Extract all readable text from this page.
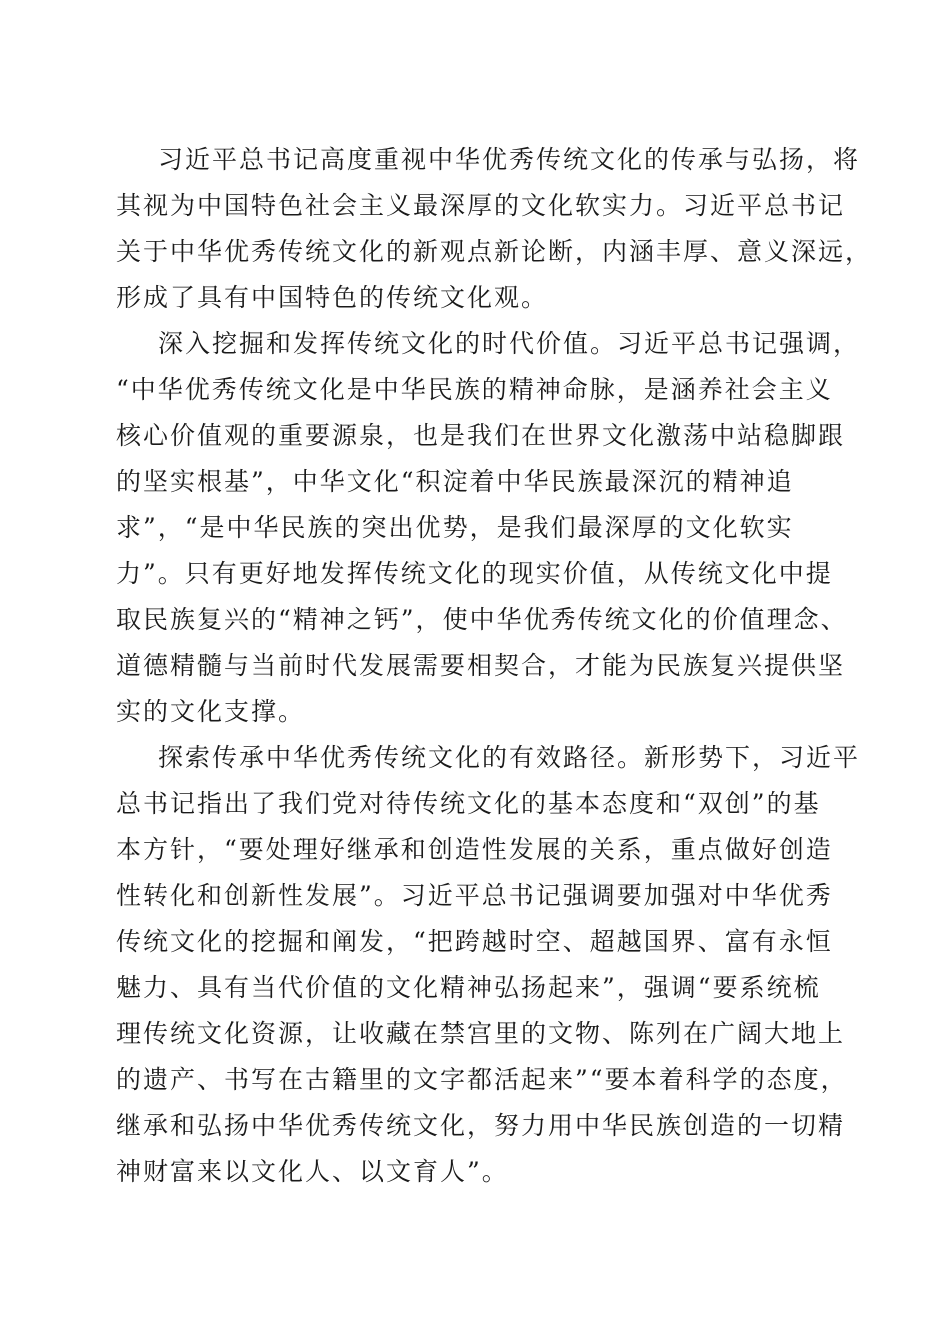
习近平总书记高度重视中华优秀传统文化的传承与弘扬，将
其视为中国特色社会主义最深厚的文化软实力。习近平总书记
关于中华优秀传统文化的新观点新论断，内涵丰厚、意义深远，
形成了具有中国特色的传统文化观。
深入挖掘和发挥传统文化的时代价值。习近平总书记强调，
“中华优秀传统文化是中华民族的精神命脉，是涵养社会主义
核心价值观的重要源泉，也是我们在世界文化激荡中站稳脚跟
的坚实根基”，中华文化“积淀着中华民族最深沉的精神追
求”，“是中华民族的突出优势，是我们最深厚的文化软实
力”。只有更好地发挥传统文化的现实价值，从传统文化中提
取民族复兴的“精神之钙”，使中华优秀传统文化的价值理念、
道德精髓与当前时代发展需要相契合，才能为民族复兴提供坚
实的文化支撑。
探索传承中华优秀传统文化的有效路径。新形势下，习近平
总书记指出了我们党对待传统文化的基本态度和“双创”的基
本方针，“要处理好继承和创造性发展的关系，重点做好创造
性转化和创新性发展”。习近平总书记强调要加强对中华优秀
传统文化的挖掘和阐发，“把跨越时空、超越国界、富有永恒
魅力、具有当代价值的文化精神弘扬起来”，强调“要系统梳
理传统文化资源，让收藏在禁宫里的文物、陈列在广阔大地上
的遗产、书写在古籍里的文字都活起来”“要本着科学的态度，
继承和弘扬中华优秀传统文化，努力用中华民族创造的一切精
神财富来以文化人、以文育人”。
